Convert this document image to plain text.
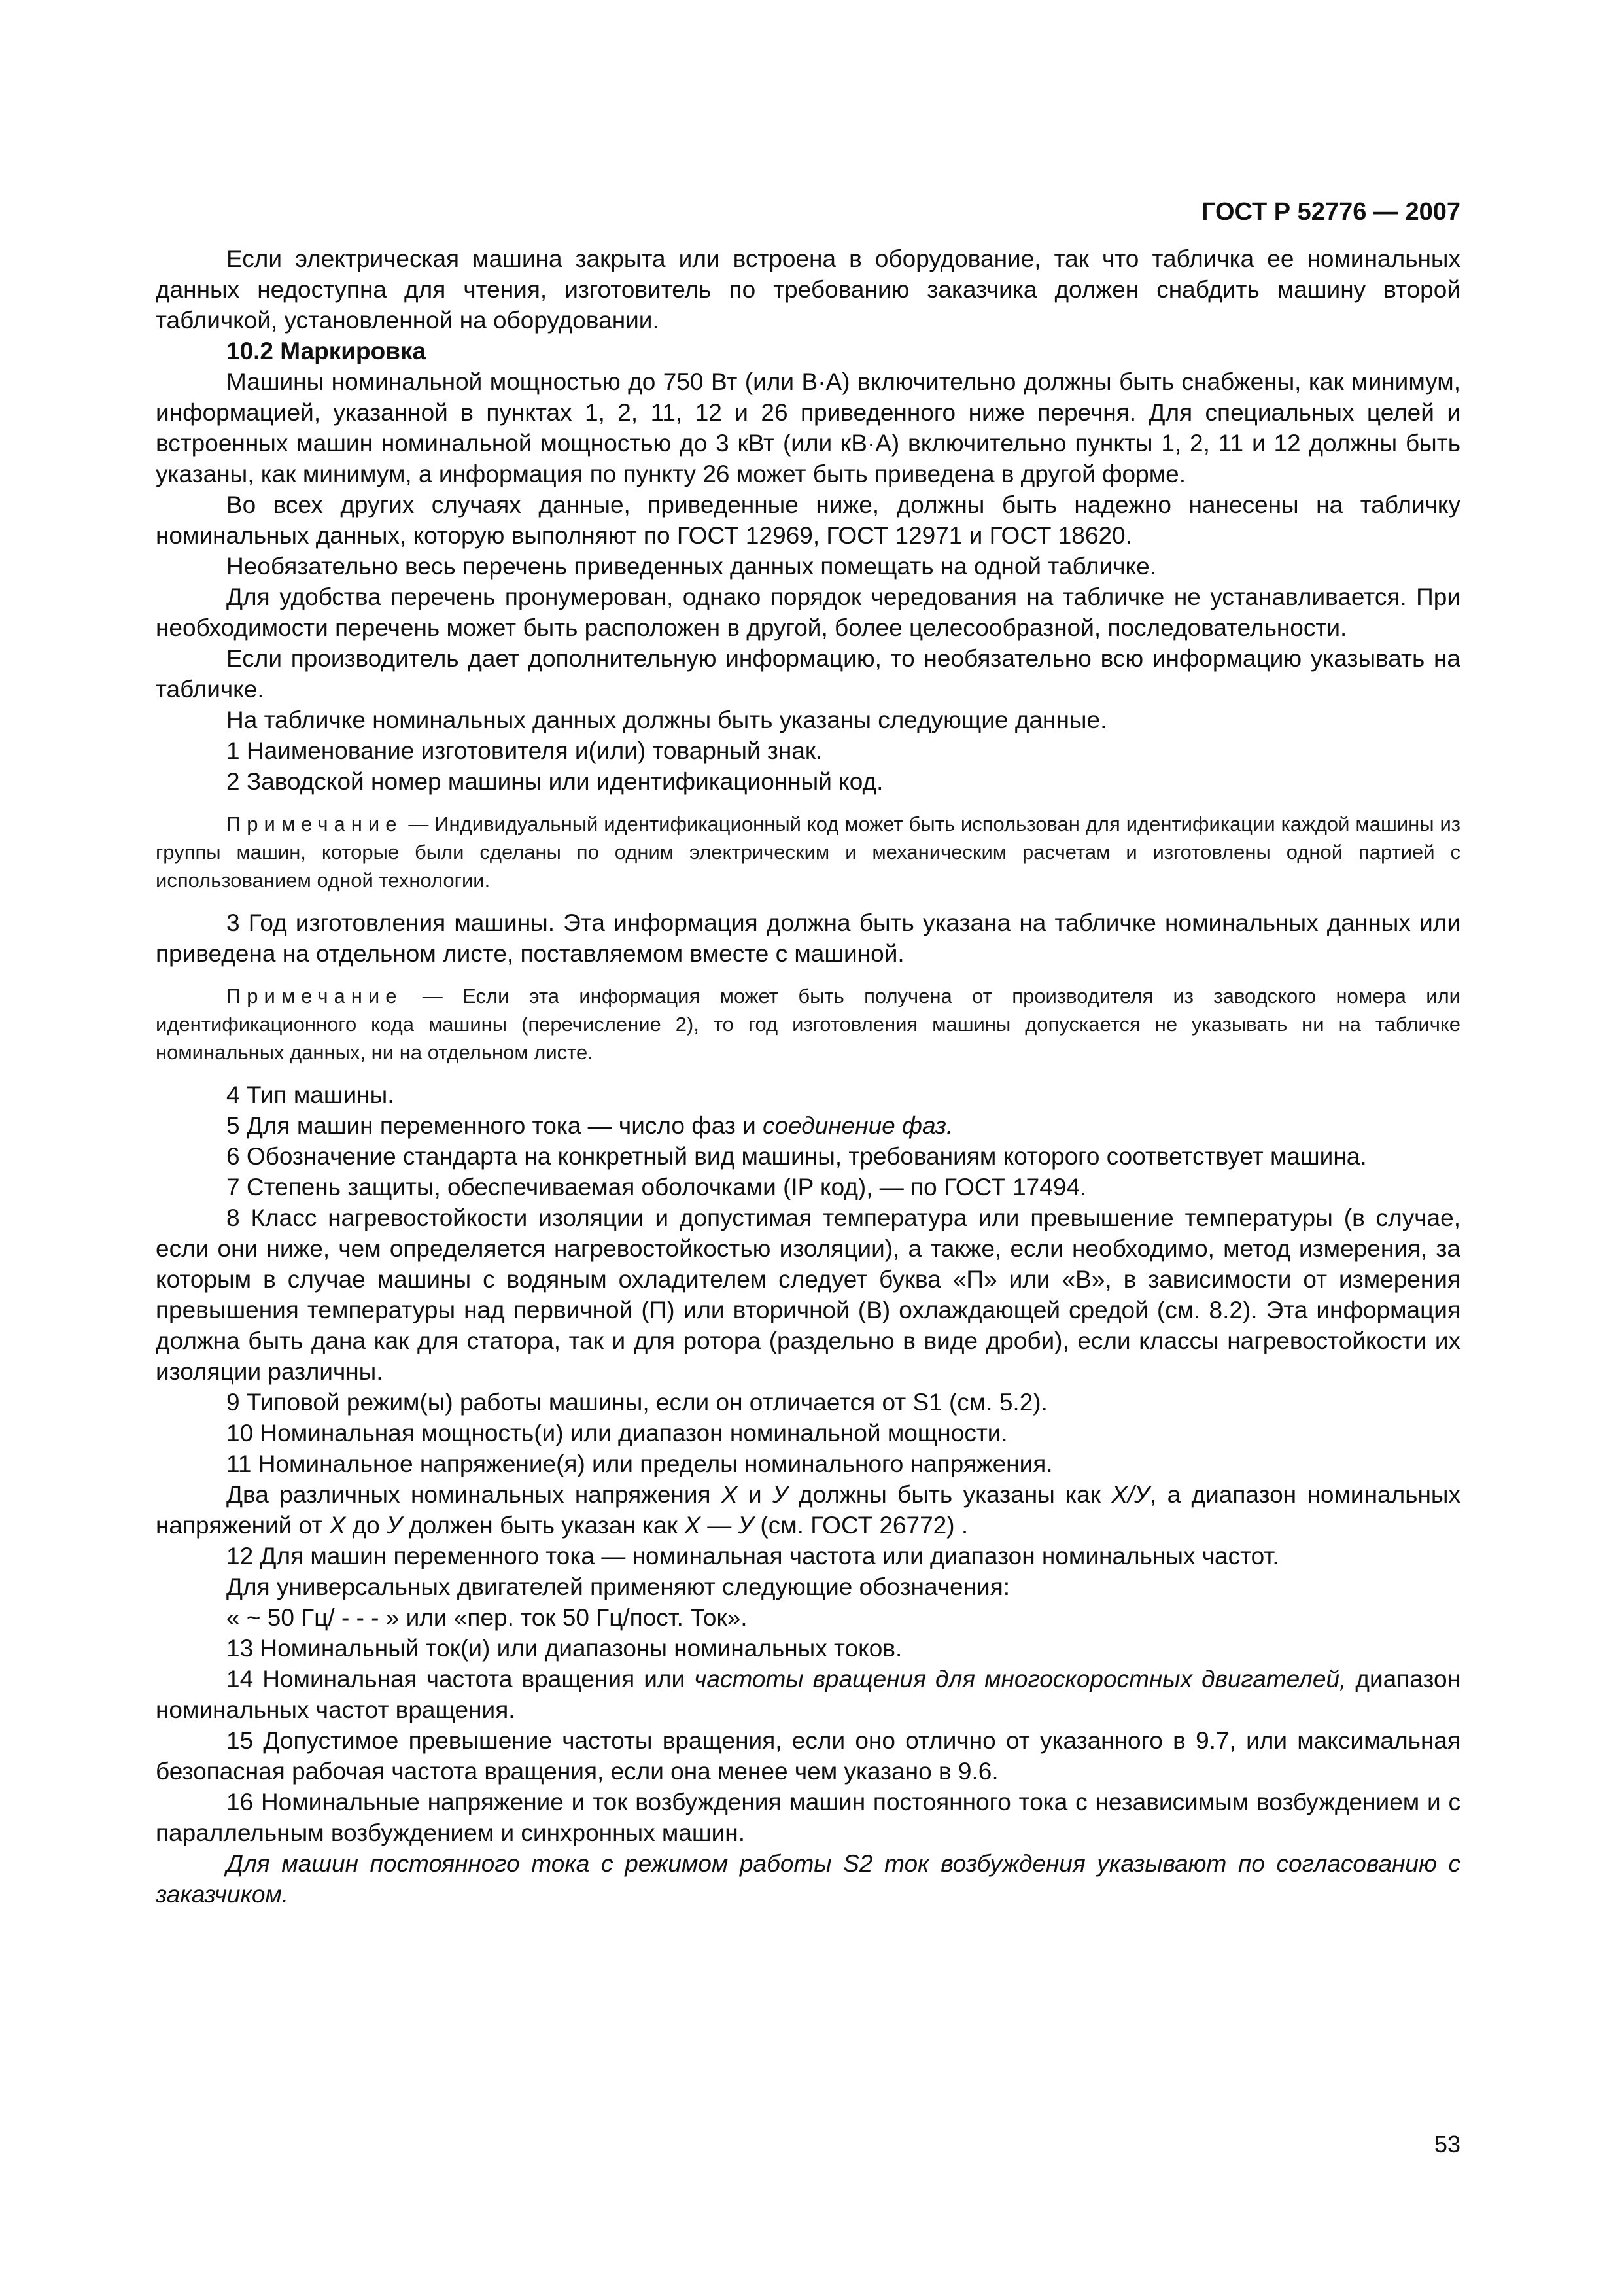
ГОСТ Р 52776 — 2007

Если электрическая машина закрыта или встроена в оборудование, так что табличка ее номинальных данных недоступна для чтения, изготовитель по требованию заказчика должен снабдить машину второй табличкой, установленной на оборудовании.

10.2 Маркировка

Машины номинальной мощностью до 750 Вт (или В·А) включительно должны быть снабжены, как минимум, информацией, указанной в пунктах 1, 2, 11, 12 и 26 приведенного ниже перечня. Для специальных целей и встроенных машин номинальной мощностью до 3 кВт (или кВ·А) включительно пункты 1, 2, 11 и 12 должны быть указаны, как минимум, а информация по пункту 26 может быть приведена в другой форме.

Во всех других случаях данные, приведенные ниже, должны быть надежно нанесены на табличку номинальных данных, которую выполняют по ГОСТ 12969, ГОСТ 12971 и ГОСТ 18620.

Необязательно весь перечень приведенных данных помещать на одной табличке.

Для удобства перечень пронумерован, однако порядок чередования на табличке не устанавливается. При необходимости перечень может быть расположен в другой, более целесообразной, последовательности.

Если производитель дает дополнительную информацию, то необязательно всю информацию указывать на табличке.

На табличке номинальных данных должны быть указаны следующие данные.

1 Наименование изготовителя и(или) товарный знак.

2 Заводской номер машины или идентификационный код.

Примечание — Индивидуальный идентификационный код может быть использован для идентификации каждой машины из группы машин, которые были сделаны по одним электрическим и механическим расчетам и изготовлены одной партией с использованием одной технологии.

3 Год изготовления машины. Эта информация должна быть указана на табличке номинальных данных или приведена на отдельном листе, поставляемом вместе с машиной.

Примечание — Если эта информация может быть получена от производителя из заводского номера или идентификационного кода машины (перечисление 2), то год изготовления машины допускается не указывать ни на табличке номинальных данных, ни на отдельном листе.

4 Тип машины.

5 Для машин переменного тока — число фаз и соединение фаз.

6 Обозначение стандарта на конкретный вид машины, требованиям которого соответствует машина.

7 Степень защиты, обеспечиваемая оболочками (IP код), — по ГОСТ 17494.

8 Класс нагревостойкости изоляции и допустимая температура или превышение температуры (в случае, если они ниже, чем определяется нагревостойкостью изоляции), а также, если необходимо, метод измерения, за которым в случае машины с водяным охладителем следует буква «П» или «В», в зависимости от измерения превышения температуры над первичной (П) или вторичной (В) охлаждающей средой (см. 8.2). Эта информация должна быть дана как для статора, так и для ротора (раздельно в виде дроби), если классы нагревостойкости их изоляции различны.

9 Типовой режим(ы) работы машины, если он отличается от S1 (см. 5.2).

10 Номинальная мощность(и) или диапазон номинальной мощности.

11 Номинальное напряжение(я) или пределы номинального напряжения.

Два различных номинальных напряжения X и У должны быть указаны как X/У, а диапазон номинальных напряжений от X до У должен быть указан как X — У (см. ГОСТ 26772) .

12 Для машин переменного тока — номинальная частота или диапазон номинальных частот.

Для универсальных двигателей применяют следующие обозначения:

« ~ 50 Гц/ - - - » или «пер. ток 50 Гц/пост. Ток».

13 Номинальный ток(и) или диапазоны номинальных токов.

14 Номинальная частота вращения или частоты вращения для многоскоростных двигателей, диапазон номинальных частот вращения.

15 Допустимое превышение частоты вращения, если оно отлично от указанного в 9.7, или максимальная безопасная рабочая частота вращения, если она менее чем указано в 9.6.

16 Номинальные напряжение и ток возбуждения машин постоянного тока с независимым возбуждением и с параллельным возбуждением и синхронных машин.

Для машин постоянного тока с режимом работы S2 ток возбуждения указывают по согласованию с заказчиком.

53
